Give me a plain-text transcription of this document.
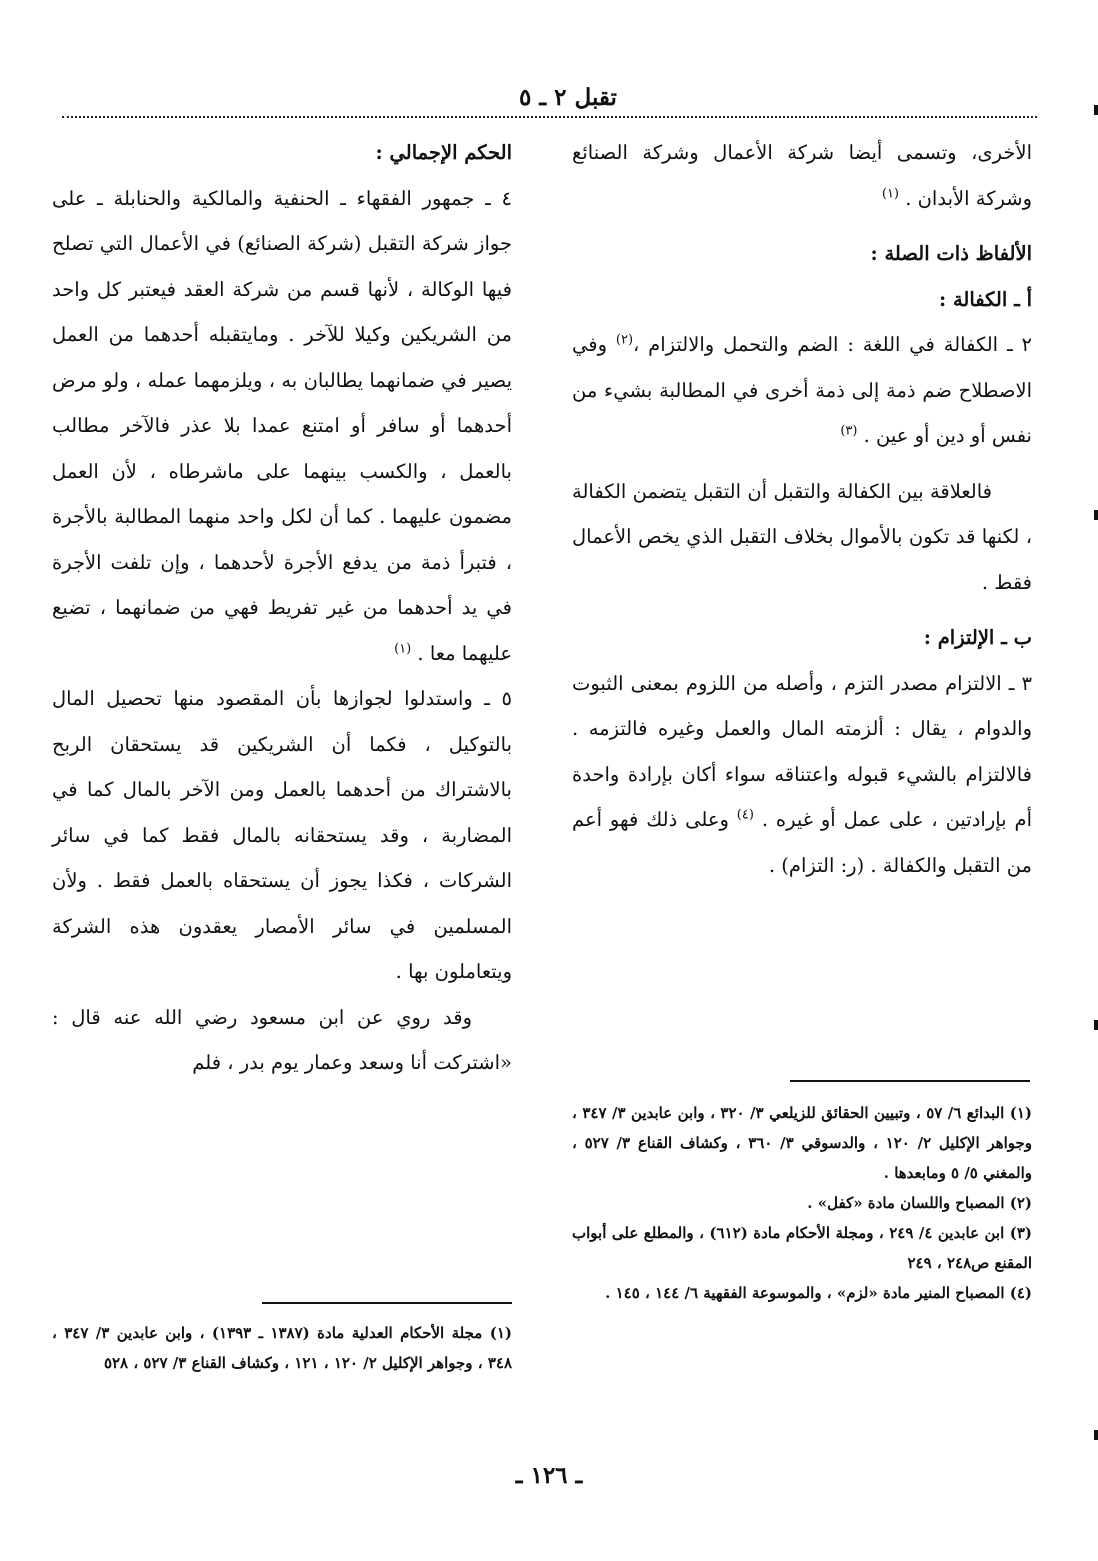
تقبل ٢ ـ ٥

الأخرى، وتسمى أيضا شركة الأعمال وشركة الصنائع وشركة الأبدان . $^{(١)}$

الألفاظ ذات الصلة :

أ ـ الكفالة :

٢ ـ الكفالة في اللغة : الضم والتحمل والالتزام ،$^{(٢)}$ وفي الاصطلاح ضم ذمة إلى ذمة أخرى في المطالبة بشيء من نفس أو دين أو عين . $^{(٣)}$

فالعلاقة بين الكفالة والتقبل أن التقبل يتضمن الكفالة ، لكنها قد تكون بالأموال بخلاف التقبل الذي يخص الأعمال فقط .

ب ـ الإلتزام :

٣ ـ الالتزام مصدر التزم ، وأصله من اللزوم بمعنى الثبوت والدوام ، يقال : ألزمته المال والعمل وغيره فالتزمه . فالالتزام بالشيء قبوله واعتناقه سواء أكان بإرادة واحدة أم بإرادتين ، على عمل أو غيره . $^{(٤)}$ وعلى ذلك فهو أعم من التقبل والكفالة . (ر: التزام) .

(١) البدائع ٦/ ٥٧ ، وتبيين الحقائق للزيلعي ٣/ ٣٢٠ ، وابن عابدين ٣/ ٣٤٧ ، وجواهر الإكليل ٢/ ١٢٠ ، والدسوقي ٣/ ٣٦٠ ، وكشاف القناع ٣/ ٥٢٧ ، والمغني ٥/ ٥ ومابعدها .

(٢) المصباح واللسان مادة «كفل» .

(٣) ابن عابدين ٤/ ٢٤٩ ، ومجلة الأحكام مادة (٦١٢) ، والمطلع على أبواب المقنع ص٢٤٨ ، ٢٤٩

(٤) المصباح المنير مادة «لزم» ، والموسوعة الفقهية ٦/ ١٤٤ ، ١٤٥ .

الحكم الإجمالي :

٤ ـ جمهور الفقهاء ـ الحنفية والمالكية والحنابلة ـ على جواز شركة التقبل (شركة الصنائع) في الأعمال التي تصلح فيها الوكالة ، لأنها قسم من شركة العقد فيعتبر كل واحد من الشريكين وكيلا للآخر . ومايتقبله أحدهما من العمل يصير في ضمانهما يطالبان به ، ويلزمهما عمله ، ولو مرض أحدهما أو سافر أو امتنع عمدا بلا عذر فالآخر مطالب بالعمل ، والكسب بينهما على ماشرطاه ، لأن العمل مضمون عليهما . كما أن لكل واحد منهما المطالبة بالأجرة ، فتبرأ ذمة من يدفع الأجرة لأحدهما ، وإن تلفت الأجرة في يد أحدهما من غير تفريط فهي من ضمانهما ، تضيع عليهما معا . $^{(١)}$

٥ ـ واستدلوا لجوازها بأن المقصود منها تحصيل المال بالتوكيل ، فكما أن الشريكين قد يستحقان الربح بالاشتراك من أحدهما بالعمل ومن الآخر بالمال كما في المضاربة ، وقد يستحقانه بالمال فقط كما في سائر الشركات ، فكذا يجوز أن يستحقاه بالعمل فقط . ولأن المسلمين في سائر الأمصار يعقدون هذه الشركة ويتعاملون بها .

وقد روي عن ابن مسعود رضي الله عنه قال : «اشتركت أنا وسعد وعمار يوم بدر ، فلم

(١) مجلة الأحكام العدلية مادة (١٣٨٧ ـ ١٣٩٣) ، وابن عابدين ٣/ ٣٤٧ ، ٣٤٨ ، وجواهر الإكليل ٢/ ١٢٠ ، ١٢١ ، وكشاف القناع ٣/ ٥٢٧ ، ٥٢٨

ـ ١٢٦ ـ
